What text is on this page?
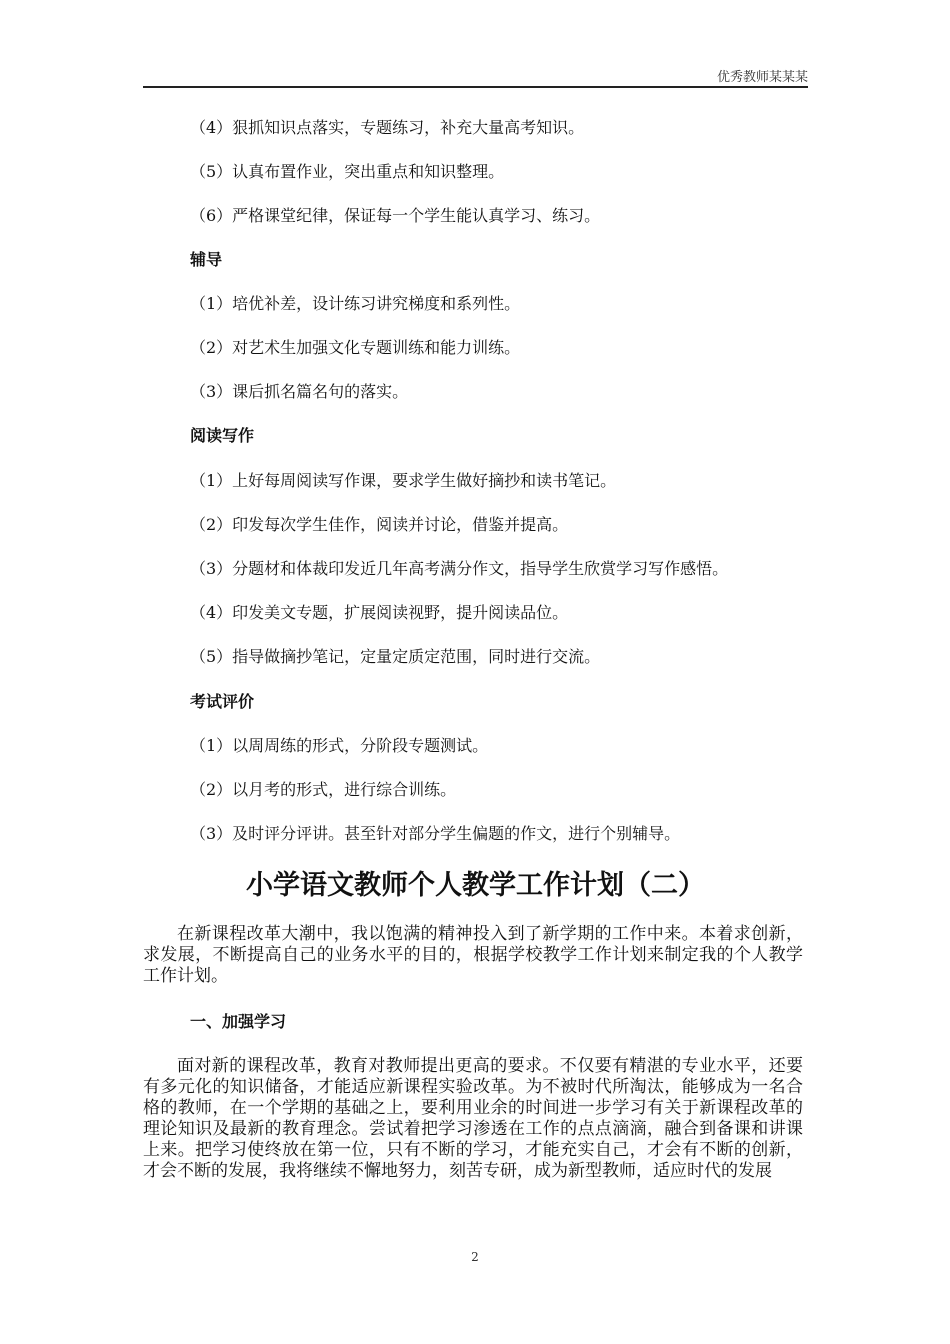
优秀教师某某某
（4）狠抓知识点落实，专题练习，补充大量高考知识。
（5）认真布置作业，突出重点和知识整理。
（6）严格课堂纪律，保证每一个学生能认真学习、练习。
辅导
（1）培优补差，设计练习讲究梯度和系列性。
（2）对艺术生加强文化专题训练和能力训练。
（3）课后抓名篇名句的落实。
阅读写作
（1）上好每周阅读写作课，要求学生做好摘抄和读书笔记。
（2）印发每次学生佳作，阅读并讨论，借鉴并提高。
（3）分题材和体裁印发近几年高考满分作文，指导学生欣赏学习写作感悟。
（4）印发美文专题，扩展阅读视野，提升阅读品位。
（5）指导做摘抄笔记，定量定质定范围，同时进行交流。
考试评价
（1）以周周练的形式，分阶段专题测试。
（2）以月考的形式，进行综合训练。
（3）及时评分评讲。甚至针对部分学生偏题的作文，进行个别辅导。
小学语文教师个人教学工作计划（二）

在新课程改革大潮中，我以饱满的精神投入到了新学期的工作中来。本着求创新，求发展，不断提高自己的业务水平的目的，根据学校教学工作计划来制定我的个人教学工作计划。

一、加强学习

面对新的课程改革，教育对教师提出更高的要求。不仅要有精湛的专业水平，还要有多元化的知识储备，才能适应新课程实验改革。为不被时代所淘汰，能够成为一名合格的教师，在一个学期的基础之上，要利用业余的时间进一步学习有关于新课程改革的理论知识及最新的教育理念。尝试着把学习渗透在工作的点点滴滴，融合到备课和讲课上来。把学习使终放在第一位，只有不断的学习，才能充实自己，才会有不断的创新，才会不断的发展，我将继续不懈地努力，刻苦专研，成为新型教师，适应时代的发展

2
